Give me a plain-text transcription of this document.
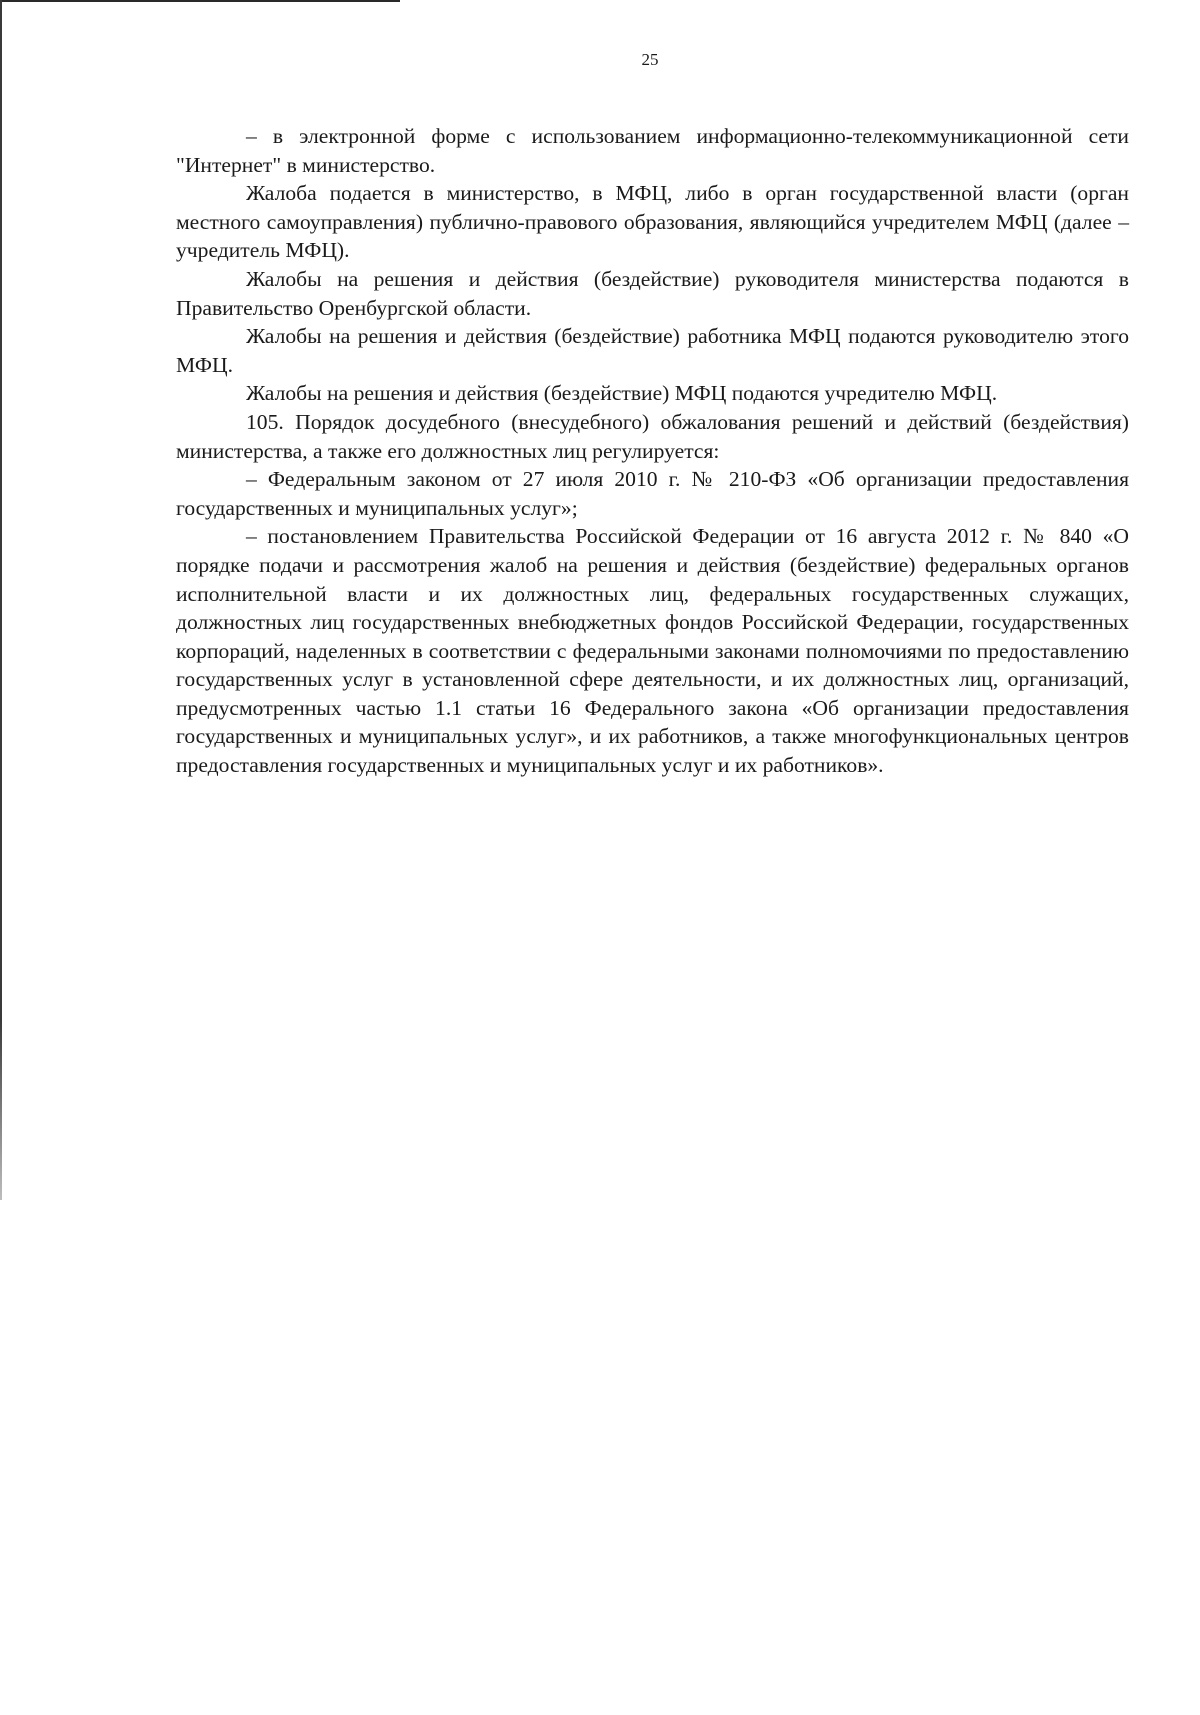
25

– в электронной форме с использованием информационно-телекоммуникационной сети "Интернет" в министерство.

Жалоба подается в министерство, в МФЦ, либо в орган государственной власти (орган местного самоуправления) публично-правового образования, являющийся учредителем МФЦ (далее – учредитель МФЦ).

Жалобы на решения и действия (бездействие) руководителя министерства подаются в Правительство Оренбургской области.

Жалобы на решения и действия (бездействие) работника МФЦ подаются руководителю этого МФЦ.

Жалобы на решения и действия (бездействие) МФЦ подаются учредителю МФЦ.

105. Порядок досудебного (внесудебного) обжалования решений и действий (бездействия) министерства, а также его должностных лиц регулируется:

– Федеральным законом от 27 июля 2010 г. № 210-ФЗ «Об организации предоставления государственных и муниципальных услуг»;

– постановлением Правительства Российской Федерации от 16 августа 2012 г. № 840 «О порядке подачи и рассмотрения жалоб на решения и действия (бездействие) федеральных органов исполнительной власти и их должностных лиц, федеральных государственных служащих, должностных лиц государственных внебюджетных фондов Российской Федерации, государственных корпораций, наделенных в соответствии с федеральными законами полномочиями по предоставлению государственных услуг в установленной сфере деятельности, и их должностных лиц, организаций, предусмотренных частью 1.1 статьи 16 Федерального закона «Об организации предоставления государственных и муниципальных услуг», и их работников, а также многофункциональных центров предоставления государственных и муниципальных услуг и их работников».
